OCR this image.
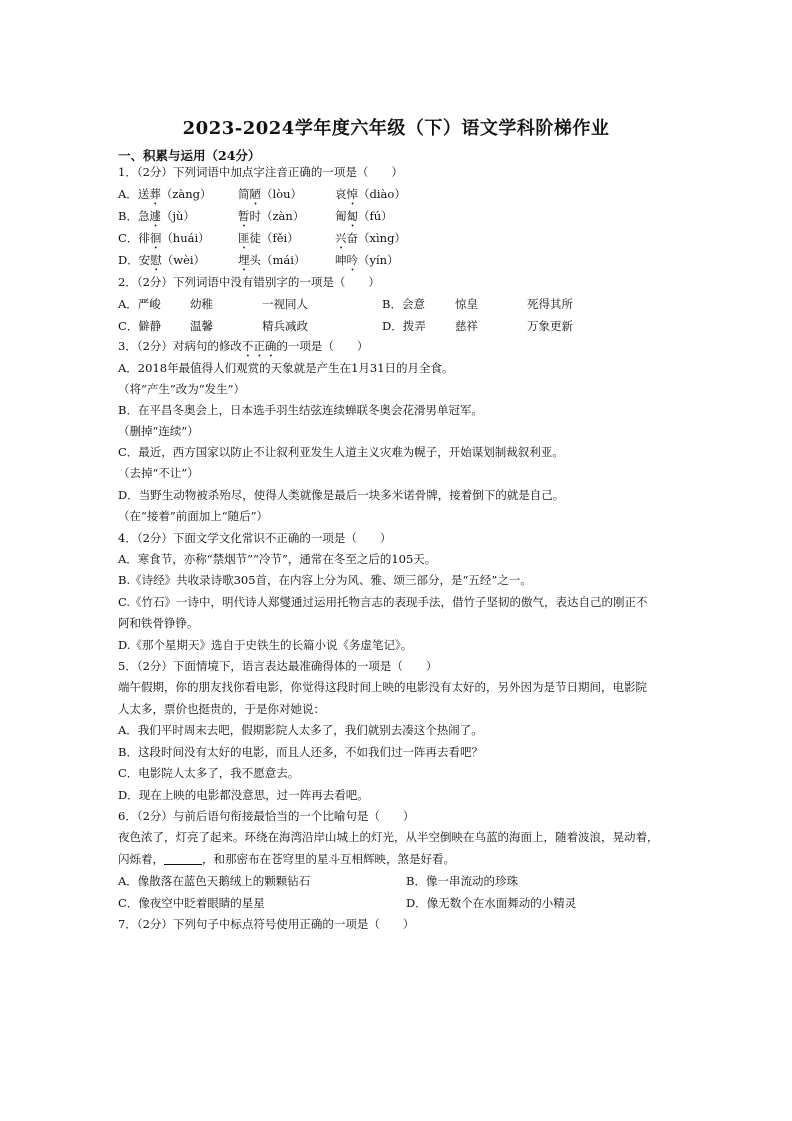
2023-2024学年度六年级（下）语文学科阶梯作业
一、积累与运用（24分）
1．（2分）下列词语中加点字注音正确的一项是（　　）
A．送葬（zàng） 简陋（lòu）	哀悼（diào）
B．急遽（jù）	暂时（zàn）	匍匐（fú）
C．徘徊（huái） 匪徒（fěi）	兴奋（xìng）
D．安慰（wèi）	埋头（mái）	呻吟（yín）
2．（2分）下列词语中没有错别字的一项是（　　）
A．严峻	幼稚	一视同人	B．会意	惊皇	死得其所
C．僻静 温馨	精兵减政	D．拨弄	慈祥	万象更新
3．（2分）对病句的修改不正确的一项是（　　）
A．2018年最值得人们观赏的天象就是产生在1月31日的月全食。
（将“产生”改为“发生”）
B．在平昌冬奥会上，日本选手羽生结弦连续蝉联冬奥会花滑男单冠军。
（删掉“连续”）
C．最近，西方国家以防止不让叙利亚发生人道主义灾难为幌子，开始谋划制裁叙利亚。
（去掉“不让”）
D．当野生动物被杀殆尽，使得人类就像是最后一块多米诺骨牌，接着倒下的就是自己。
（在“接着”前面加上“随后”）
4．（2分）下面文学文化常识不正确的一项是（　　）
A．寒食节，亦称“禁烟节”“冷节”，通常在冬至之后的105天。
B.《诗经》共收录诗歌305首，在内容上分为风、雅、颂三部分，是“五经”之一。
C.《竹石》一诗中，明代诗人郑燮通过运用托物言志的表现手法，借竹子坚韧的傲气，表达自己的刚正不
阿和铁骨铮铮。
D.《那个星期天》选自于史铁生的长篇小说《务虚笔记》。
5．（2分）下面情境下，语言表达最准确得体的一项是（　　）
端午假期，你的朋友找你看电影，你觉得这段时间上映的电影没有太好的，另外因为是节日期间，电影院
人太多，票价也挺贵的，于是你对她说：
A．我们平时周末去吧，假期影院人太多了，我们就别去凑这个热闹了。
B．这段时间没有太好的电影，而且人还多，不如我们过一阵再去看吧？
C．电影院人太多了，我不愿意去。
D．现在上映的电影都没意思，过一阵再去看吧。
6．（2分）与前后语句衔接最恰当的一个比喻句是（　　）
夜色浓了，灯亮了起来。环绕在海湾沿岸山城上的灯光，从半空倒映在乌蓝的海面上，随着波浪，晃动着，
闪烁着，	，和那密布在苍穹里的星斗互相辉映，煞是好看。
A．像散落在蓝色天鹅绒上的颗颗钻石	B．像一串流动的珍珠
C．像夜空中眨着眼睛的星星	D．像无数个在水面舞动的小精灵
7．（2分）下列句子中标点符号使用正确的一项是（　　）
